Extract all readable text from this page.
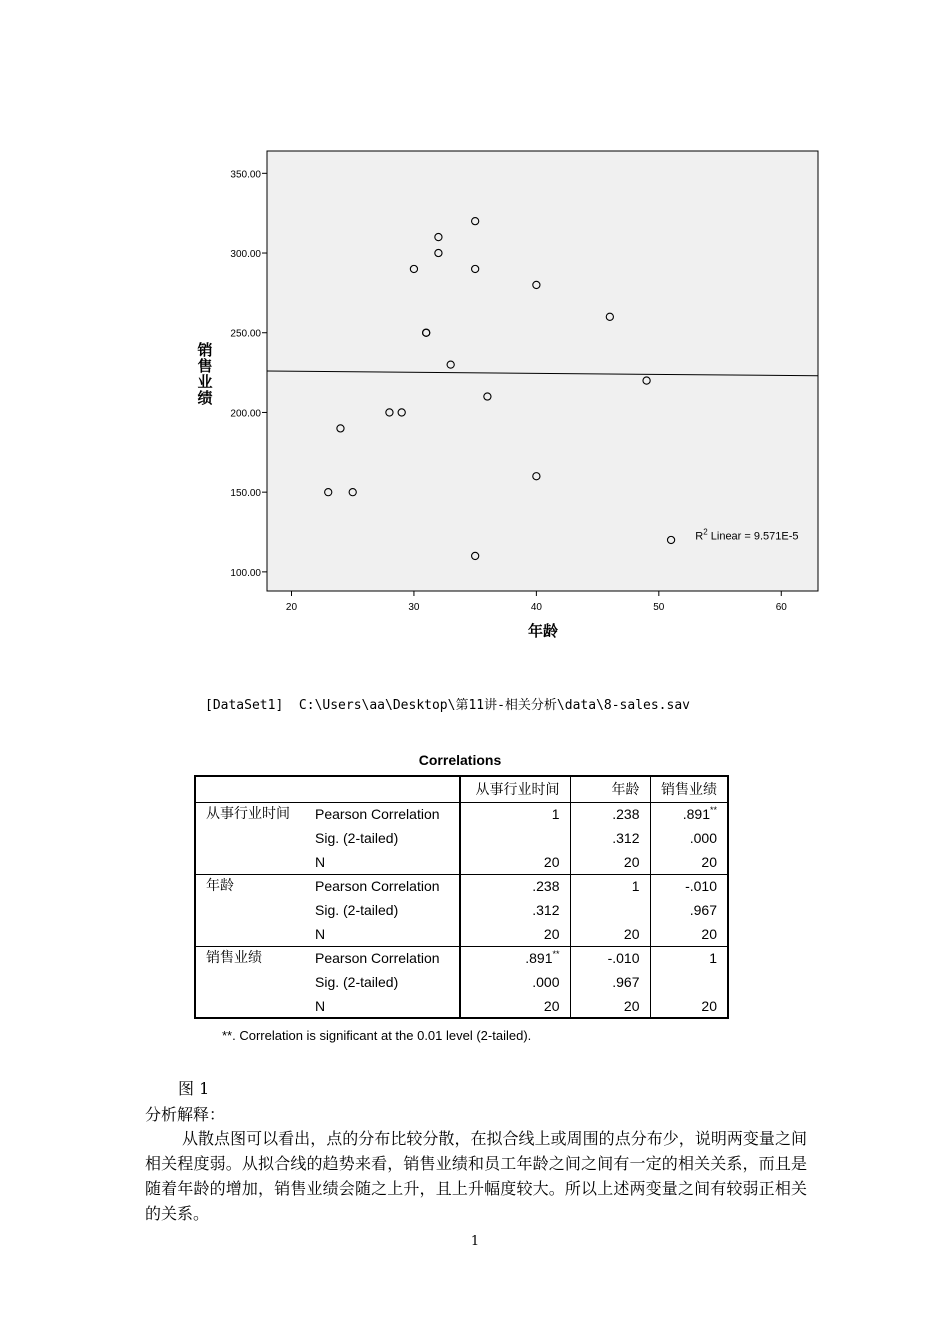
20	30	40	50	60
100.00
150.00
200.00
250.00
300.00
350.00
$R^2$ Linear = 9.571E-5
年龄
销售业绩
[DataSet1]  C:\Users\aa\Desktop\第11讲-相关分析\data\8-sales.sav
Correlations
		从事行业时间	年龄	销售业绩
从事行业时间	Pearson Correlation	1	.238	.891**
	Sig. (2-tailed)		.312	.000
	N	20	20	20
年龄	Pearson Correlation	.238	1	-.010
	Sig. (2-tailed)	.312		.967
	N	20	20	20
销售业绩	Pearson Correlation	.891**	-.010	1
	Sig. (2-tailed)	.000	.967	
	N	20	20	20
**. Correlation is significant at the 0.01 level (2-tailed).
图 1
分析解释：
从散点图可以看出，点的分布比较分散，在拟合线上或周围的点分布少，说明两变量之间相关程度弱。从拟合线的趋势来看，销售业绩和员工年龄之间之间有一定的相关关系，而且是随着年龄的增加，销售业绩会随之上升，且上升幅度较大。所以上述两变量之间有较弱正相关的关系。
1
